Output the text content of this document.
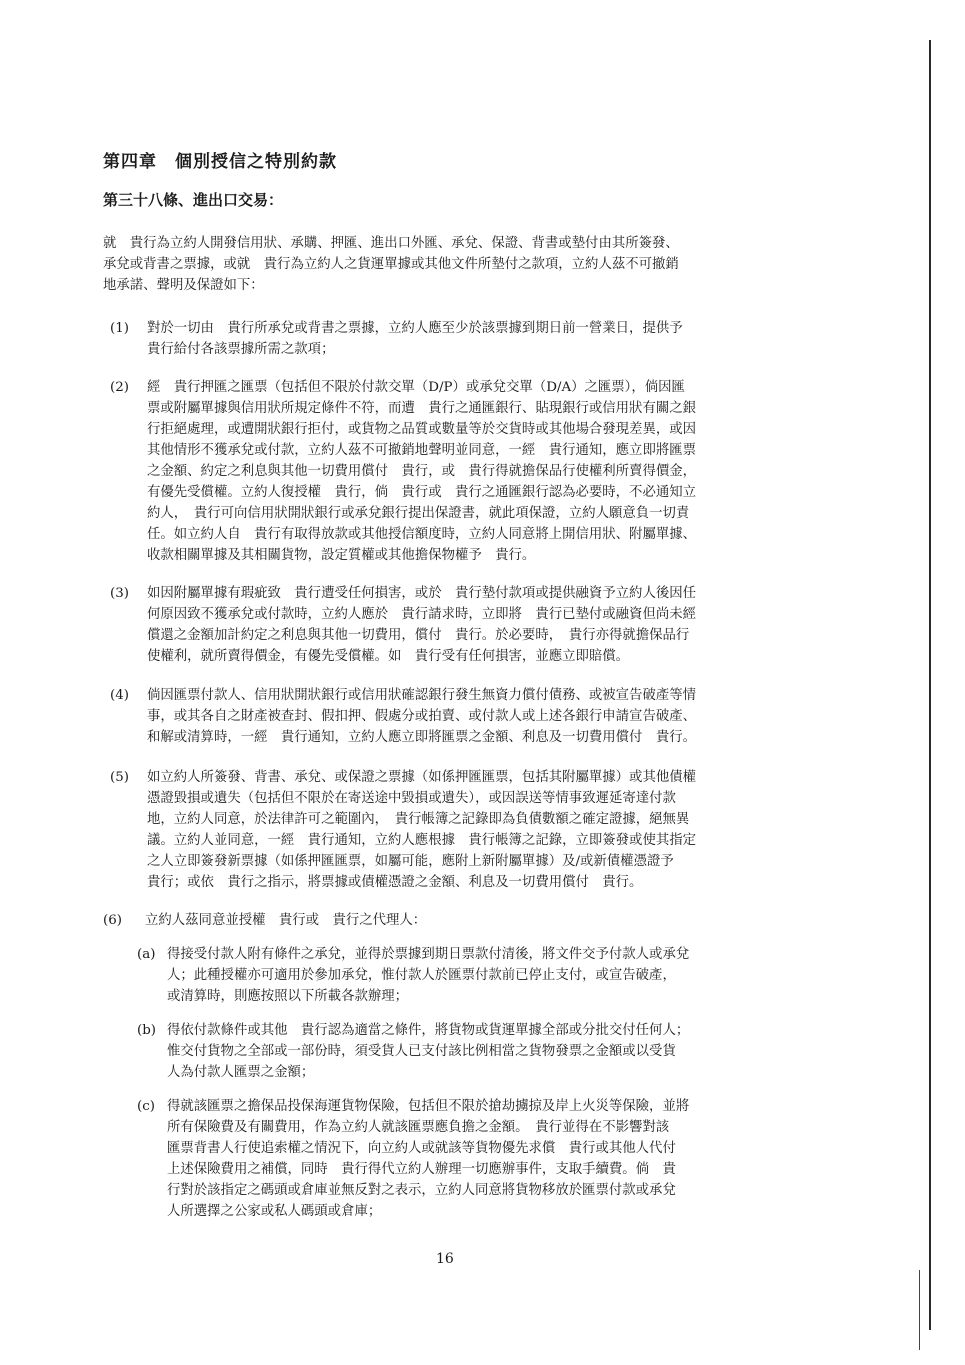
第四章　個別授信之特別約款
第三十八條、進出口交易：
就　貴行為立約人開發信用狀、承購、押匯、進出口外匯、承兌、保證、背書或墊付由其所簽發、
承兌或背書之票據，或就　貴行為立約人之貨運單據或其他文件所墊付之款項，立約人茲不可撤銷
地承諾、聲明及保證如下：
(1) 對於一切由　貴行所承兌或背書之票據，立約人應至少於該票據到期日前一營業日，提供予
貴行給付各該票據所需之款項；
(2) 經　貴行押匯之匯票（包括但不限於付款交單（D/P）或承兌交單（D/A）之匯票），倘因匯
票或附屬單據與信用狀所規定條件不符，而遭　貴行之通匯銀行、貼現銀行或信用狀有關之銀
行拒絕處理，或遭開狀銀行拒付，或貨物之品質或數量等於交貨時或其他場合發現差異，或因
其他情形不獲承兌或付款，立約人茲不可撤銷地聲明並同意，一經　貴行通知，應立即將匯票
之金額、約定之利息與其他一切費用償付　貴行，或　貴行得就擔保品行使權利所賣得價金，
有優先受償權。立約人復授權　貴行，倘　貴行或　貴行之通匯銀行認為必要時，不必通知立
約人，　貴行可向信用狀開狀銀行或承兌銀行提出保證書，就此項保證，立約人願意負一切責
任。如立約人自　貴行有取得放款或其他授信額度時，立約人同意將上開信用狀、附屬單據、
收款相關單據及其相關貨物，設定質權或其他擔保物權予　貴行。
(3) 如因附屬單據有瑕疵致　貴行遭受任何損害，或於　貴行墊付款項或提供融資予立約人後因任
何原因致不獲承兌或付款時，立約人應於　貴行請求時，立即將　貴行已墊付或融資但尚未經
償還之金額加計約定之利息與其他一切費用，償付　貴行。於必要時，　貴行亦得就擔保品行
使權利，就所賣得價金，有優先受償權。如　貴行受有任何損害，並應立即賠償。
(4) 倘因匯票付款人、信用狀開狀銀行或信用狀確認銀行發生無資力償付債務、或被宣告破產等情
事，或其各自之財產被查封、假扣押、假處分或拍賣、或付款人或上述各銀行申請宣告破產、
和解或清算時，一經　貴行通知，立約人應立即將匯票之金額、利息及一切費用償付　貴行。
(5) 如立約人所簽發、背書、承兌、或保證之票據（如係押匯匯票，包括其附屬單據）或其他債權
憑證毀損或遺失（包括但不限於在寄送途中毀損或遺失），或因誤送等情事致遲延寄達付款
地，立約人同意，於法律許可之範圍內，　貴行帳簿之記錄即為負債數額之確定證據，絕無異
議。立約人並同意，一經　貴行通知，立約人應根據　貴行帳簿之記錄，立即簽發或使其指定
之人立即簽發新票據（如係押匯匯票，如屬可能，應附上新附屬單據）及/或新債權憑證予
貴行；或依　貴行之指示，將票據或債權憑證之金額、利息及一切費用償付　貴行。
(6) 立約人茲同意並授權　貴行或　貴行之代理人：
(a) 得接受付款人附有條件之承兌，並得於票據到期日票款付清後，將文件交予付款人或承兌
人；此種授權亦可適用於參加承兌，惟付款人於匯票付款前已停止支付，或宣告破產，
或清算時，則應按照以下所載各款辦理；
(b) 得依付款條件或其他　貴行認為適當之條件，將貨物或貨運單據全部或分批交付任何人；
惟交付貨物之全部或一部份時，須受貨人已支付該比例相當之貨物發票之金額或以受貨
人為付款人匯票之金額；
(c) 得就該匯票之擔保品投保海運貨物保險，包括但不限於搶劫擄掠及岸上火災等保險，並將
所有保險費及有關費用，作為立約人就該匯票應負擔之金額。　貴行並得在不影響對該
匯票背書人行使追索權之情況下，向立約人或就該等貨物優先求償　貴行或其他人代付
上述保險費用之補償，同時　貴行得代立約人辦理一切應辦事件，支取手續費。倘　貴
行對於該指定之碼頭或倉庫並無反對之表示，立約人同意將貨物移放於匯票付款或承兌
人所選擇之公家或私人碼頭或倉庫；
16
